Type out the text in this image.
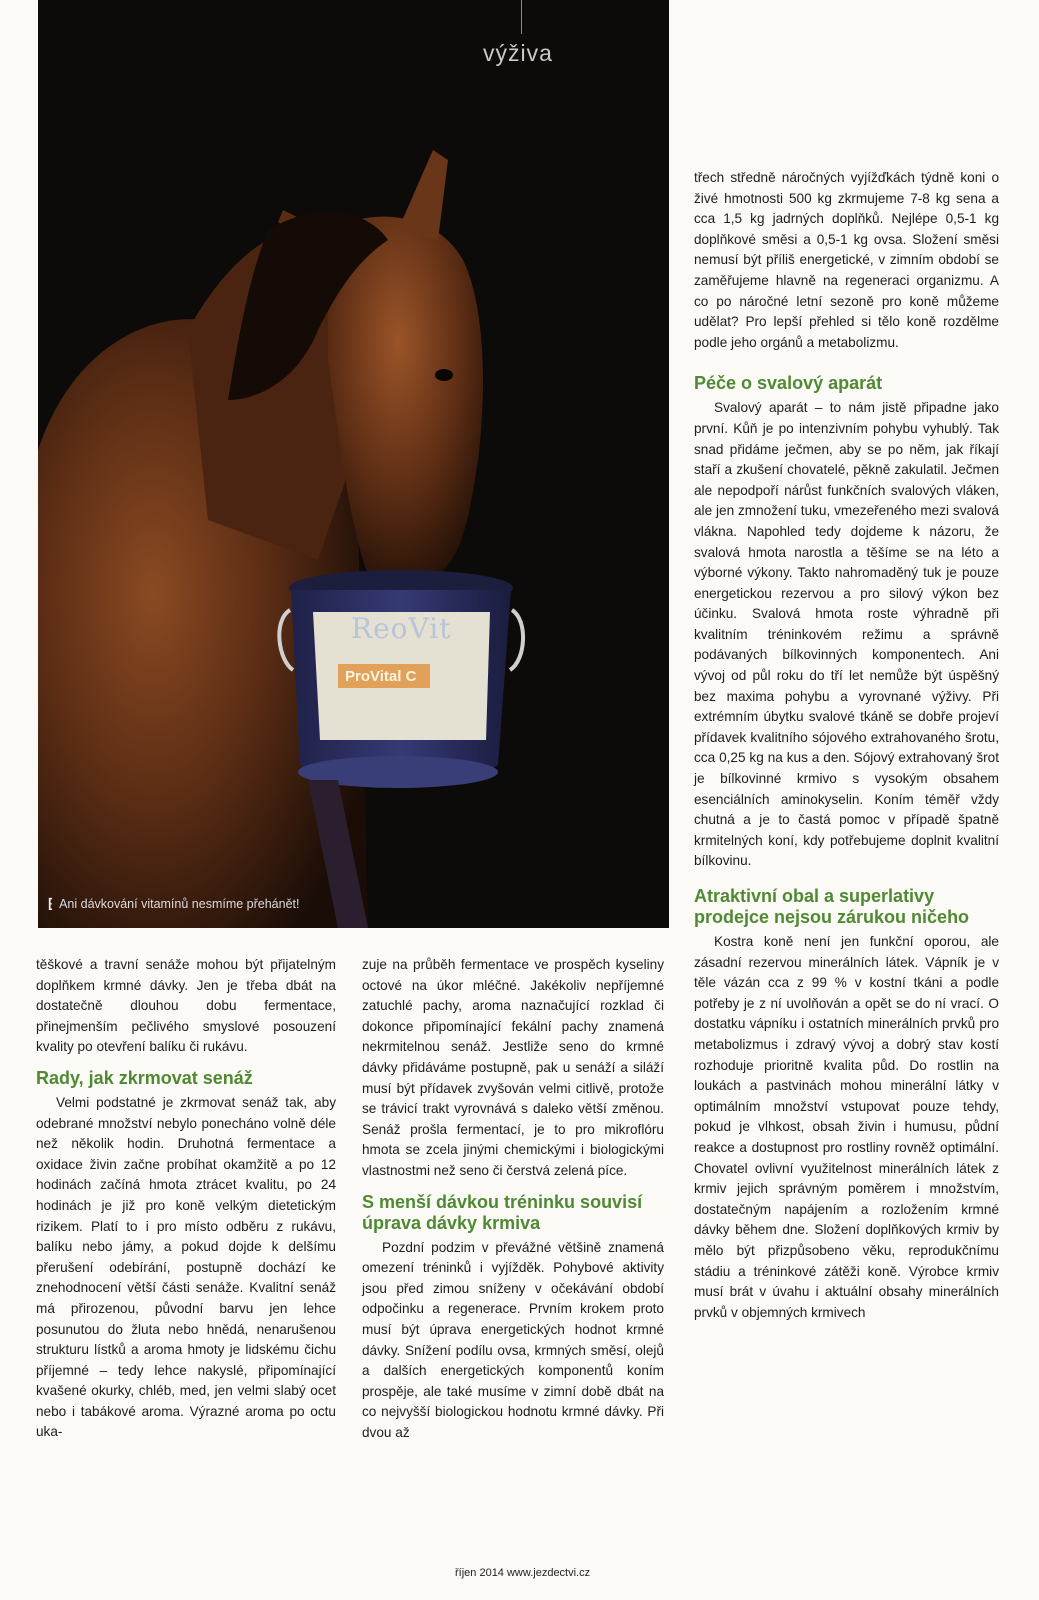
ReoVit
ProVital C
výživa
⁅ Ani dávkování vitamínů nesmíme přehánět!

těškové a travní senáže mohou být přijatelným doplňkem krmné dávky. Jen je třeba dbát na dostatečně dlouhou dobu fermentace, přinejmenším pečlivého smyslové posouzení kvality po otevření balíku či rukávu.

Rady, jak zkrmovat senáž

Velmi podstatné je zkrmovat senáž tak, aby odebrané množství nebylo ponecháno volně déle než několik hodin. Druhotná fermentace a oxidace živin začne probíhat okamžitě a po 12 hodinách začíná hmota ztrácet kvalitu, po 24 hodinách je již pro koně velkým dietetickým rizikem. Platí to i pro místo odběru z rukávu, balíku nebo jámy, a pokud dojde k delšímu přerušení odebírání, postupně dochází ke znehodnocení větší části senáže. Kvalitní senáž má přirozenou, původní barvu jen lehce posunutou do žluta nebo hnědá, nenarušenou strukturu lístků a aroma hmoty je lidskému čichu příjemné – tedy lehce nakyslé, připomínající kvašené okurky, chléb, med, jen velmi slabý ocet nebo i tabákové aroma. Výrazné aroma po octu uka-

zuje na průběh fermentace ve prospěch kyseliny octové na úkor mléčné. Jakékoliv nepříjemné zatuchlé pachy, aroma naznačující rozklad či dokonce připomínající fekální pachy znamená nekrmitelnou senáž. Jestliže seno do krmné dávky přidáváme postupně, pak u senáží a siláží musí být přídavek zvyšován velmi citlivě, protože se trávicí trakt vyrovnává s daleko větší změnou. Senáž prošla fermentací, je to pro mikroflóru hmota se zcela jinými chemickými i biologickými vlastnostmi než seno či čerstvá zelená píce.

S menší dávkou tréninku souvisí úprava dávky krmiva

Pozdní podzim v převážné většině znamená omezení tréninků i vyjížděk. Pohybové aktivity jsou před zimou sníženy v očekávání období odpočinku a regenerace. Prvním krokem proto musí být úprava energetických hodnot krmné dávky. Snížení podílu ovsa, krmných směsí, olejů a dalších energetických komponentů koním prospěje, ale také musíme v zimní době dbát na co nejvyšší biologickou hodnotu krmné dávky. Při dvou až

třech středně náročných vyjížďkách týdně koni o živé hmotnosti 500 kg zkrmujeme 7-8 kg sena a cca 1,5 kg jadrných doplňků. Nejlépe 0,5-1 kg doplňkové směsi a 0,5-1 kg ovsa. Složení směsi nemusí být příliš energetické, v zimním období se zaměřujeme hlavně na regeneraci organizmu. A co po náročné letní sezoně pro koně můžeme udělat? Pro lepší přehled si tělo koně rozdělme podle jeho orgánů a metabolizmu.

Péče o svalový aparát

Svalový aparát – to nám jistě připadne jako první. Kůň je po intenzivním pohybu vyhublý. Tak snad přidáme ječmen, aby se po něm, jak říkají staří a zkušení chovatelé, pěkně zakulatil. Ječmen ale nepodpoří nárůst funkčních svalových vláken, ale jen zmnožení tuku, vmezeřeného mezi svalová vlákna. Napohled tedy dojdeme k názoru, že svalová hmota narostla a těšíme se na léto a výborné výkony. Takto nahromaděný tuk je pouze energetickou rezervou a pro silový výkon bez účinku. Svalová hmota roste výhradně při kvalitním tréninkovém režimu a správně podávaných bílkovinných komponentech. Ani vývoj od půl roku do tří let nemůže být úspěšný bez maxima pohybu a vyrovnané výživy. Při extrémním úbytku svalové tkáně se dobře projeví přídavek kvalitního sójového extrahovaného šrotu, cca 0,25 kg na kus a den. Sójový extrahovaný šrot je bílkovinné krmivo s vysokým obsahem esenciálních aminokyselin. Koním téměř vždy chutná a je to častá pomoc v případě špatně krmitelných koní, kdy potřebujeme doplnit kvalitní bílkovinu.

Atraktivní obal a superlativy prodejce nejsou zárukou ničeho

Kostra koně není jen funkční oporou, ale zásadní rezervou minerálních látek. Vápník je v těle vázán cca z 99 % v kostní tkáni a podle potřeby je z ní uvolňován a opět se do ní vrací. O dostatku vápníku i ostatních minerálních prvků pro metabolizmus i zdravý vývoj a dobrý stav kostí rozhoduje prioritně kvalita půd. Do rostlin na loukách a pastvinách mohou minerální látky v optimálním množství vstupovat pouze tehdy, pokud je vlhkost, obsah živin i humusu, půdní reakce a dostupnost pro rostliny rovněž optimální. Chovatel ovlivní využitelnost minerálních látek z krmiv jejich správným poměrem i množstvím, dostatečným napájením a rozložením krmné dávky během dne. Složení doplňkových krmiv by mělo být přizpůsobeno věku, reprodukčnímu stádiu a tréninkové zátěži koně. Výrobce krmiv musí brát v úvahu i aktuální obsahy minerálních prvků v objemných krmivech

říjen 2014 www.jezdectvi.cz
